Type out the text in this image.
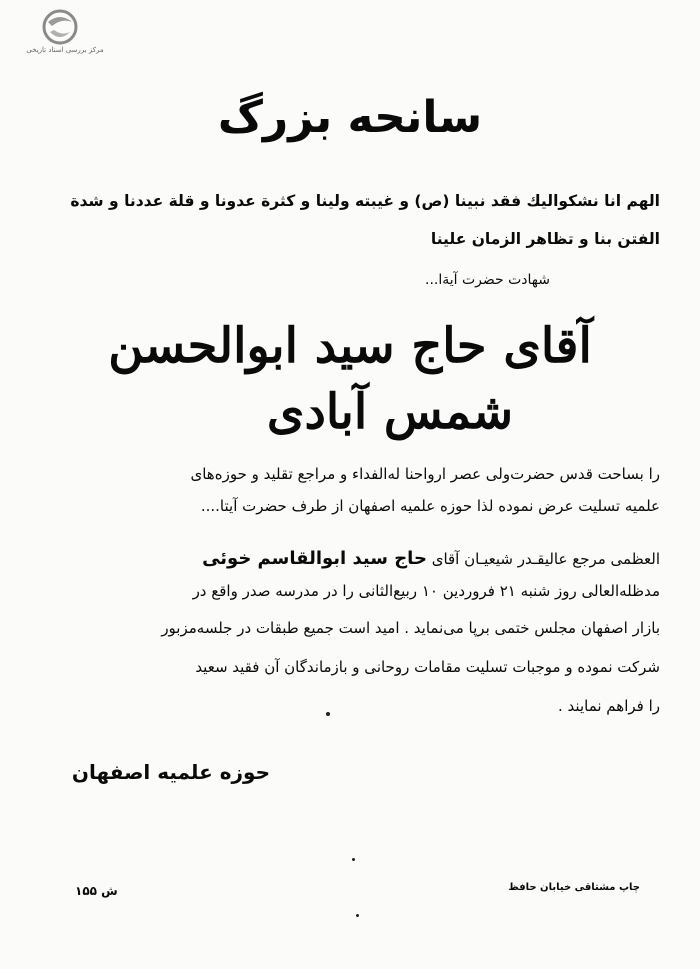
مرکز بررسی اسناد تاریخی
سانحه بزرگ
الهم انا نشکوالیك فقد نبینا (ص) و غیبته ولینا و کثرة عدونا و قلة عددنا و شدة
الفتن بنا و تظاهر الزمان علینا
شهادت حضرت آیةا...
آقای حاج سید ابوالحسن
شمس آبادی
را بساحت قدس حضرت‌ولی عصر ارواحنا له‌الفداء و مراجع تقلید و حوزه‌های
علمیه تسلیت عرض نموده لذا حوزه علمیه اصفهان از طرف حضرت آیتا....
العظمی مرجع عالیقـدر شیعیـان آقای حاج سید ابوالقاسم خوئی
مدظله‌العالی روز شنبه ۲۱ فروردین ۱۰ ربیع‌الثانی را در مدرسه صدر واقع در
بازار اصفهان مجلس ختمی برپا می‌نماید . امید است جمیع طبقات در جلسه‌مزبور
شرکت نموده و موجبات تسلیت مقامات روحانی و بازماندگان آن فقید سعید
را فراهم نمایند .
حوزه علمیه اصفهان
چاپ مشتاقی خیابان حافظ
ش ۱۵۵
